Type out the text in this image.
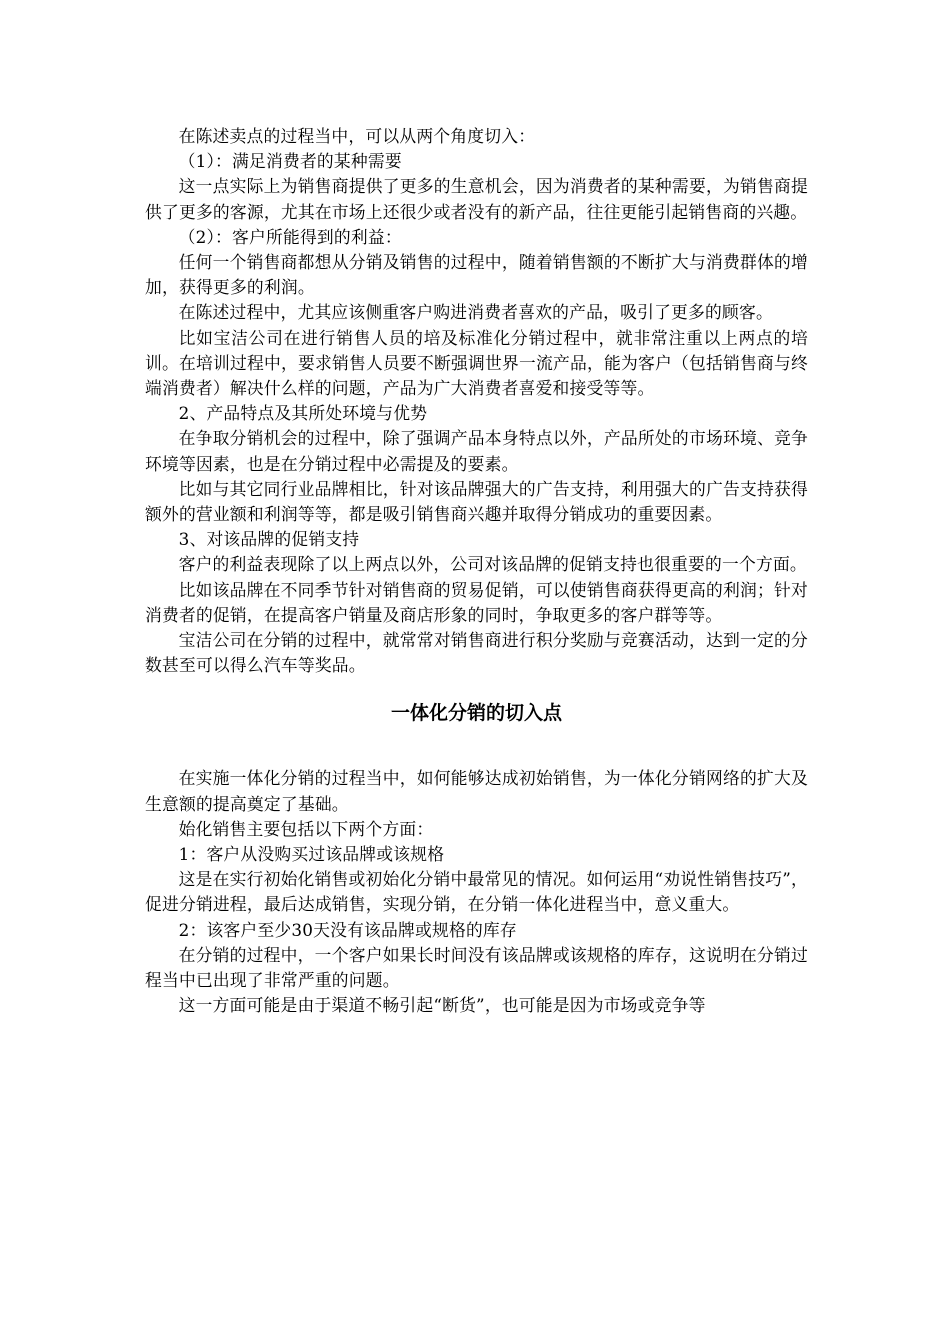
在陈述卖点的过程当中，可以从两个角度切入：

（1）：满足消费者的某种需要

这一点实际上为销售商提供了更多的生意机会，因为消费者的某种需要，为销售商提供了更多的客源，尤其在市场上还很少或者没有的新产品，往往更能引起销售商的兴趣。

（2）：客户所能得到的利益：

任何一个销售商都想从分销及销售的过程中，随着销售额的不断扩大与消费群体的增加，获得更多的利润。

在陈述过程中，尤其应该侧重客户购进消费者喜欢的产品，吸引了更多的顾客。

比如宝洁公司在进行销售人员的培及标准化分销过程中，就非常注重以上两点的培训。在培训过程中，要求销售人员要不断强调世界一流产品，能为客户（包括销售商与终端消费者）解决什么样的问题，产品为广大消费者喜爱和接受等等。

2、产品特点及其所处环境与优势

在争取分销机会的过程中，除了强调产品本身特点以外，产品所处的市场环境、竞争环境等因素，也是在分销过程中必需提及的要素。

比如与其它同行业品牌相比，针对该品牌强大的广告支持，利用强大的广告支持获得额外的营业额和利润等等，都是吸引销售商兴趣并取得分销成功的重要因素。

3、对该品牌的促销支持

客户的利益表现除了以上两点以外，公司对该品牌的促销支持也很重要的一个方面。

比如该品牌在不同季节针对销售商的贸易促销，可以使销售商获得更高的利润；针对消费者的促销，在提高客户销量及商店形象的同时，争取更多的客户群等等。

宝洁公司在分销的过程中，就常常对销售商进行积分奖励与竞赛活动，达到一定的分数甚至可以得么汽车等奖品。

一体化分销的切入点

在实施一体化分销的过程当中，如何能够达成初始销售，为一体化分销网络的扩大及生意额的提高奠定了基础。

始化销售主要包括以下两个方面：

1：客户从没购买过该品牌或该规格

这是在实行初始化销售或初始化分销中最常见的情况。如何运用“劝说性销售技巧”，促进分销进程，最后达成销售，实现分销，在分销一体化进程当中，意义重大。

2：该客户至少30天没有该品牌或规格的库存

在分销的过程中，一个客户如果长时间没有该品牌或该规格的库存，这说明在分销过程当中已出现了非常严重的问题。

这一方面可能是由于渠道不畅引起“断货”，也可能是因为市场或竞争等
